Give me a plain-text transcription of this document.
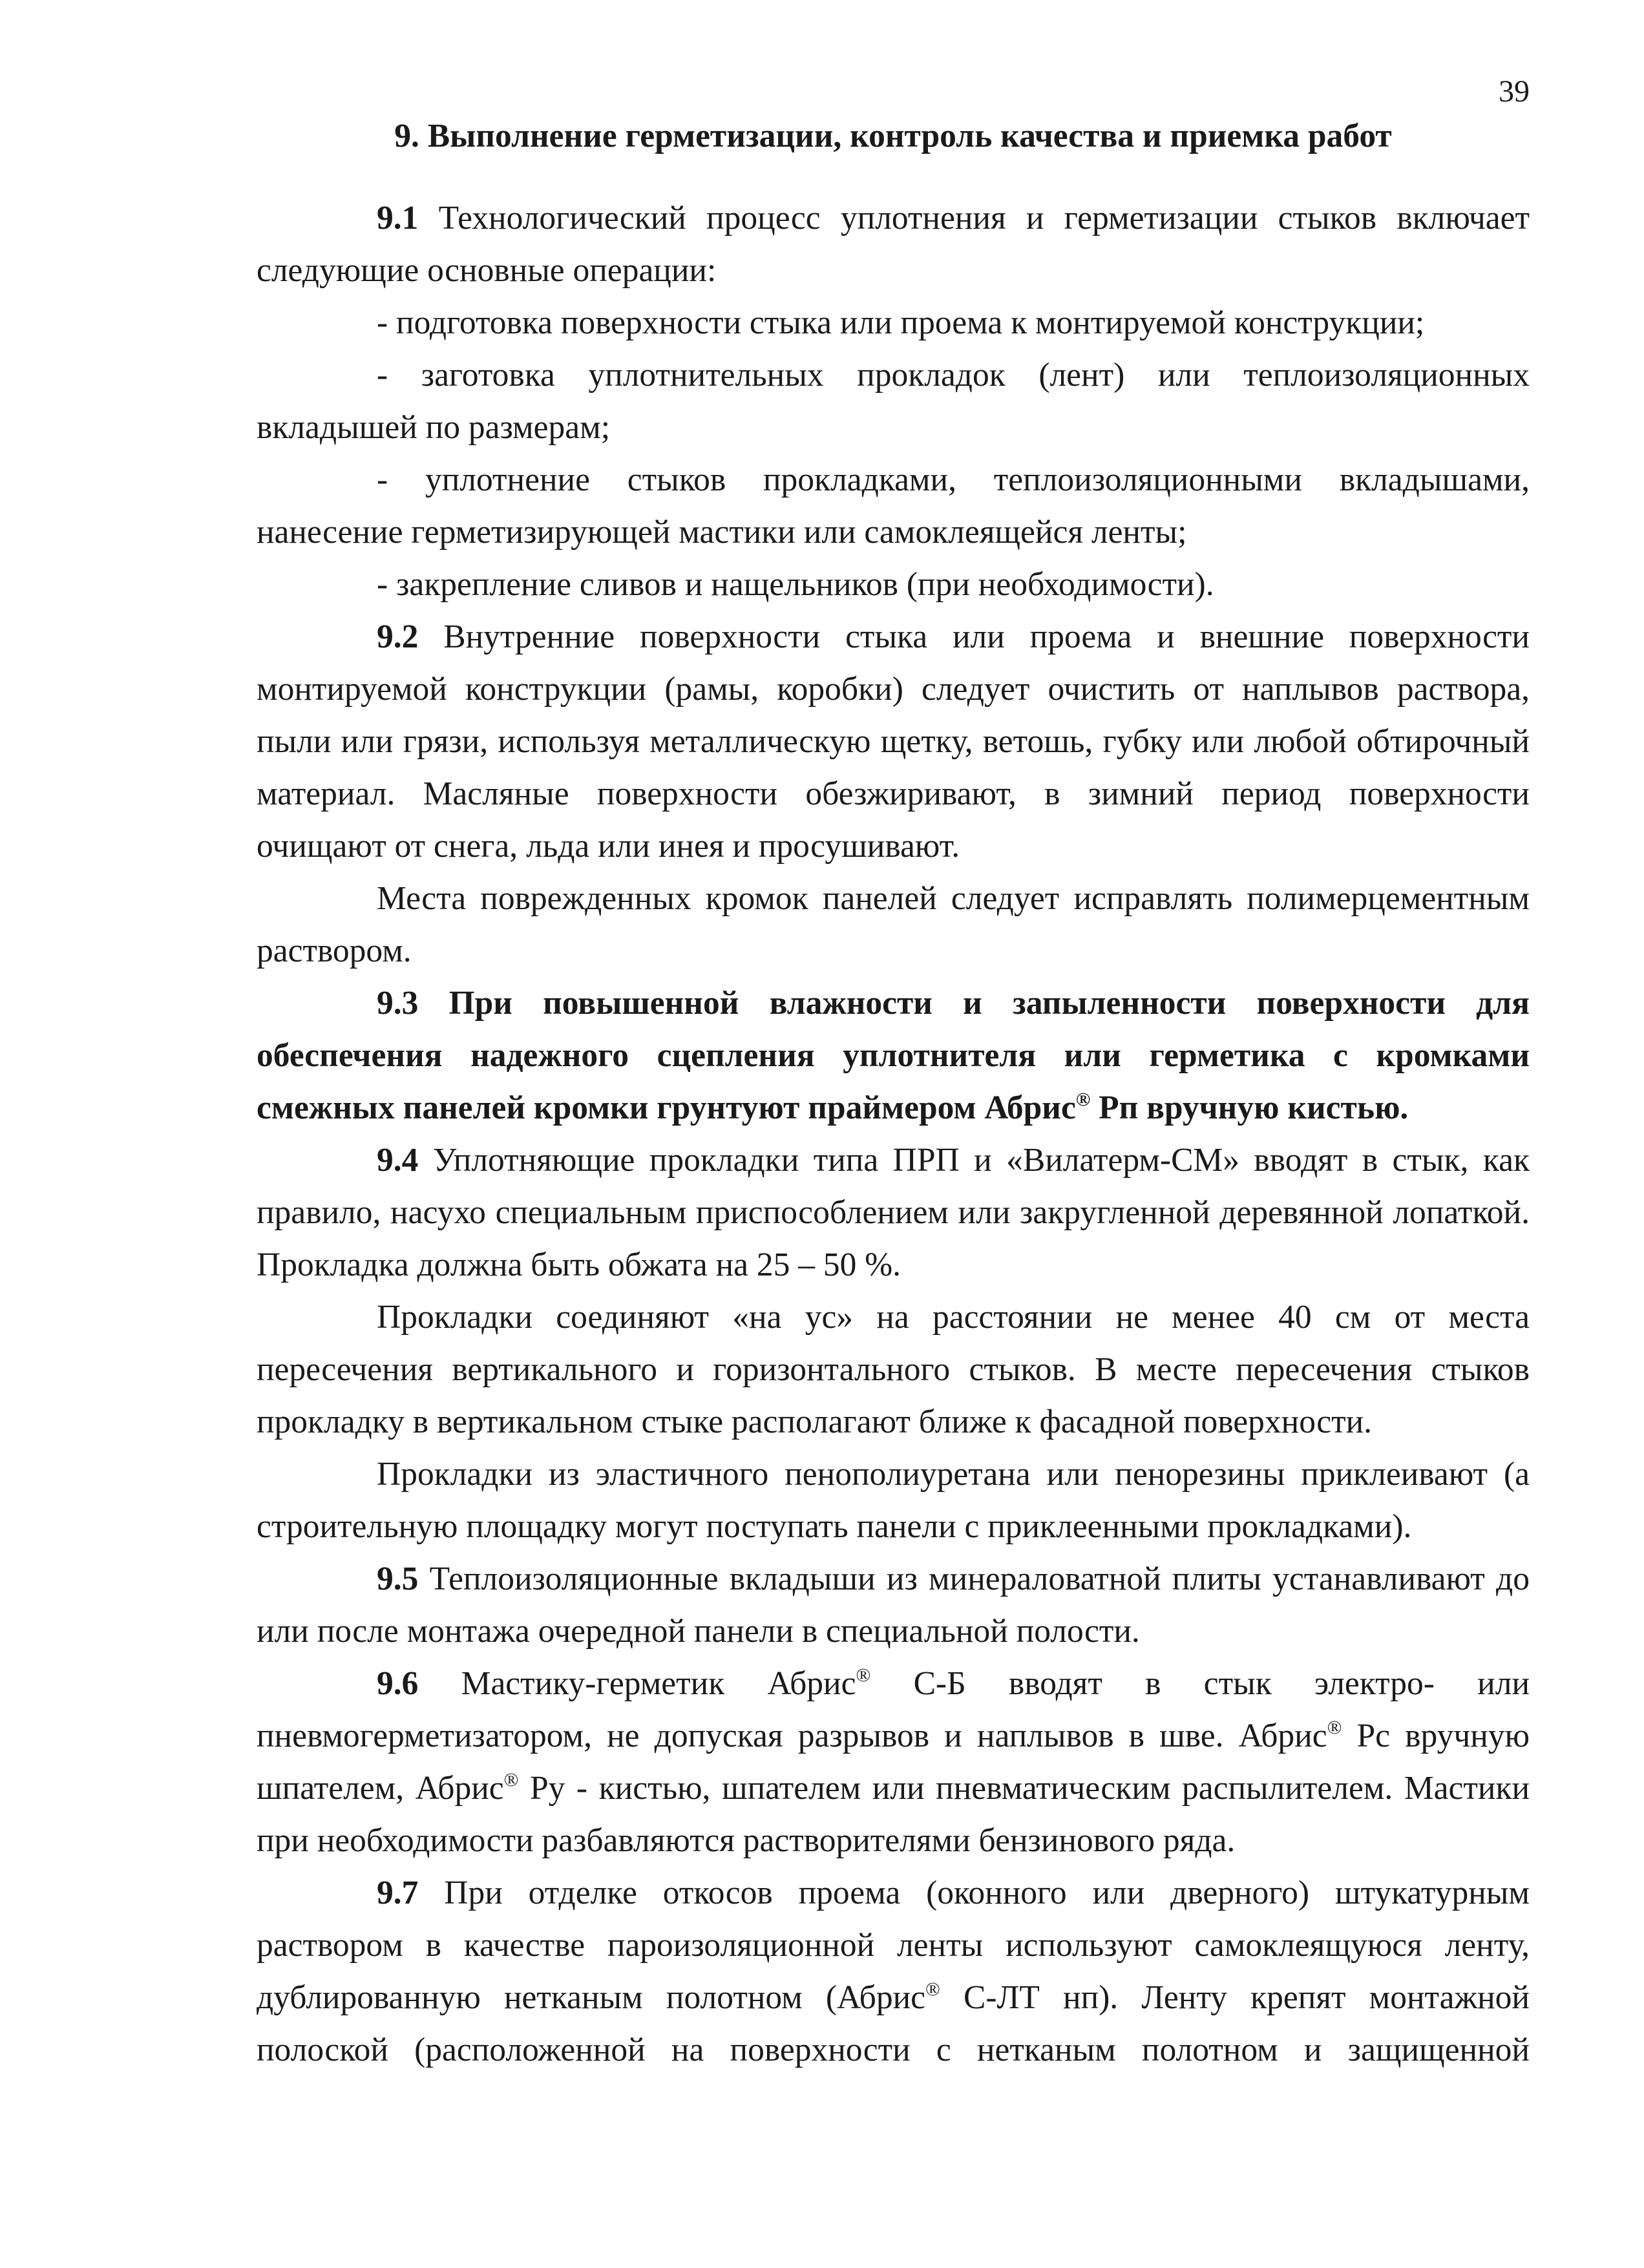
39
9. Выполнение герметизации, контроль качества и приемка работ

9.1 Технологический процесс уплотнения и герметизации стыков включает следующие основные операции:

- подготовка поверхности стыка или проема к монтируемой конструкции;

- заготовка уплотнительных прокладок (лент) или теплоизоляционных вкладышей по размерам;

- уплотнение стыков прокладками, теплоизоляционными вкладышами, нанесение герметизирующей мастики или самоклеящейся ленты;

- закрепление сливов и нащельников (при необходимости).

9.2 Внутренние поверхности стыка или проема и внешние поверхности монтируемой конструкции (рамы, коробки) следует очистить от наплывов раствора, пыли или грязи, используя металлическую щетку, ветошь, губку или любой обтирочный материал. Масляные поверхности обезжиривают, в зимний период поверхности очищают от снега, льда или инея и просушивают.

Места поврежденных кромок панелей следует исправлять полимерцементным раствором.

9.3 При повышенной влажности и запыленности поверхности для обеспечения надежного сцепления уплотнителя или герметика с кромками смежных панелей кромки грунтуют праймером Абрис® Рп вручную кистью.

9.4 Уплотняющие прокладки типа ПРП и «Вилатерм-СМ» вводят в стык, как правило, насухо специальным приспособлением или закругленной деревянной лопаткой. Прокладка должна быть обжата на 25 – 50 %.

Прокладки соединяют «на ус» на расстоянии не менее 40 см от места пересечения вертикального и горизонтального стыков. В месте пересечения стыков прокладку в вертикальном стыке располагают ближе к фасадной поверхности.

Прокладки из эластичного пенополиуретана или пенорезины приклеивают (а строительную площадку могут поступать панели с приклеенными прокладками).

9.5 Теплоизоляционные вкладыши из минераловатной плиты устанавливают до или после монтажа очередной панели в специальной полости.

9.6 Мастику-герметик Абрис® С-Б вводят в стык электро- или пневмогерметизатором, не допуская разрывов и наплывов в шве. Абрис® Рс вручную шпателем, Абрис® Ру - кистью, шпателем или пневматическим распылителем. Мастики при необходимости разбавляются растворителями бензинового ряда.

9.7 При отделке откосов проема (оконного или дверного) штукатурным раствором в качестве пароизоляционной ленты используют самоклеящуюся ленту, дублированную нетканым полотном (Абрис® С-ЛТ нп). Ленту крепят монтажной полоской (расположенной на поверхности с нетканым полотном и защищенной
